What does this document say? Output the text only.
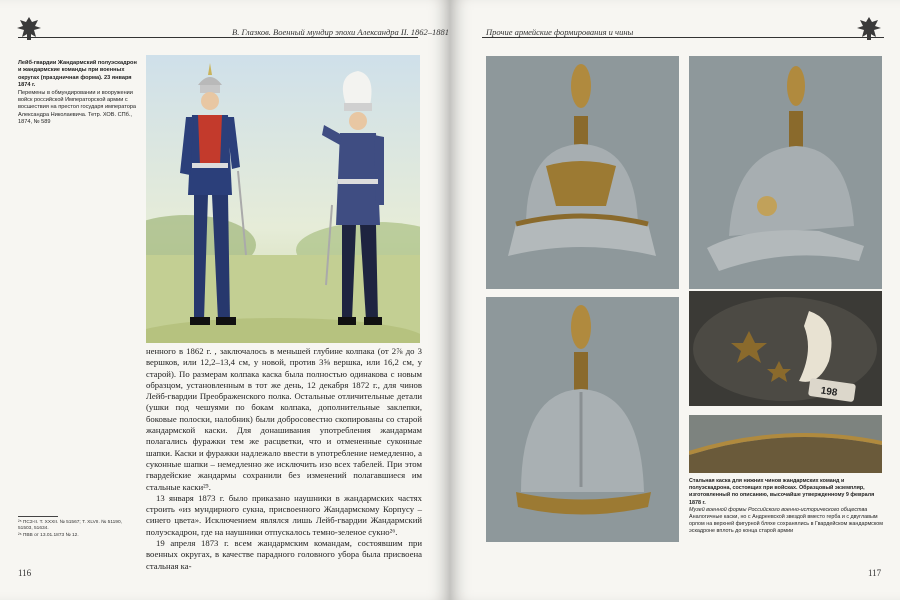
В. Глазков. Военный мундир эпохи Александра II. 1862–1881
Лейб-гвардии Жандармский полуэскадрон и жандармские команды при военных округах (праздничная форма). 23 января 1874 г.
Перемены в обмундировании и вооружении войск российской Императорской армии с восшествия на престол государя императора Александра Николаевича. Тетр. ХОВ. СПб., 1874, № 589

ненного в 1862 г. , заключалось в меньшей глубине колпака (от 2⅞ до 3 вершков, или 12,2–13,4 см, у новой, против 3⅝ вершка, или 16,2 см, у старой). По размерам колпака каска была полностью одинакова с новым образцом, установленным в тот же день, 12 декабря 1872 г., для чинов Лейб-гвардии Преображенского полка. Остальные отличительные детали (ушки под чешуями по бокам колпака, дополнительные заклепки, боковые полоски, налобник) были добросовестно скопированы со старой жандармской каски. Для донашивания употребления жандармам полагались фуражки тем же расцветки, что и отмененные суконные шапки. Каски и фуражки надлежало ввести в употребление немедленно, а суконные шапки – немедленно же исключить изо всех табелей. При этом гвардейские жандармы сохранили без изменений полагавшиеся им стальные каски²⁵.

13 января 1873 г. было приказано наушники в жандармских частях строить «из мундирного сукна, присвоенного Жандармскому Корпусу – синего цвета». Исключением являлся лишь Лейб-гвардии Жандармский полуэскадрон, где на наушники отпускалось темно-зеленое сукно²⁶.

19 апреля 1873 г. всем жандармским командам, состоявшим при военных округах, в качестве парадного головного убора была присвоена стальная ка-

²⁵ ПСЗ-II. Т. XXXII. № 51567; Т. XLVII. № 51190, 51503, 51634.
²⁶ ПВВ от 13.01.1873 № 12.
116
Прочие армейские формирования и чины
117
198
Стальная каска для нижних чинов жандармских команд и полуэскадрона, состоящих при войсках. Образцовый экземпляр, изготовленный по описанию, высочайше утвержденному 9 февраля 1878 г.
Музей военной формы Российского военно-исторического общества
Аналогичные каски, но с Андреевской звездой вместо герба и с двуглавым орлом на верхней фигурной бляхе сохранялись в Гвардейском жандармском эскадроне вплоть до конца старой армии
